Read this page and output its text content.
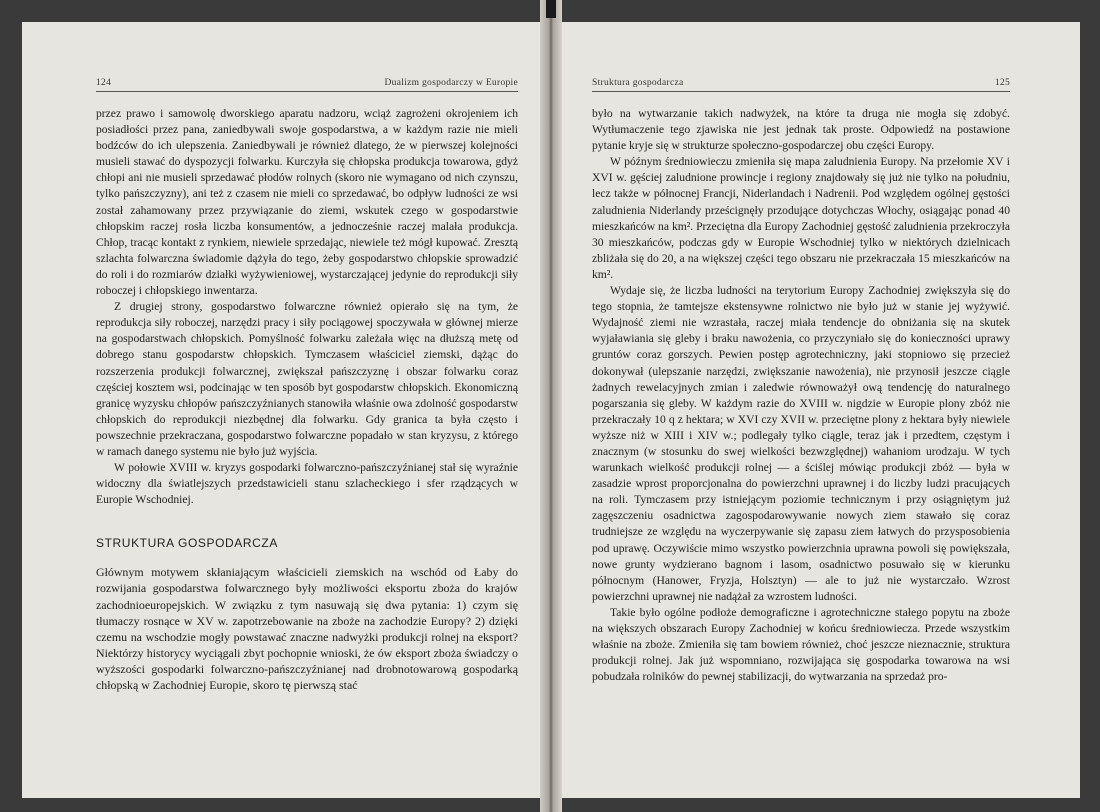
124	Dualizm gospodarczy w Europie

przez prawo i samowolę dworskiego aparatu nadzoru, wciąż zagrożeni okrojeniem ich posiadłości przez pana, zaniedbywali swoje gospodarstwa, a w każdym razie nie mieli bodźców do ich ulepszenia. Zaniedbywali je również dlatego, że w pierwszej kolejności musieli stawać do dyspozycji folwarku. Kurczyła się chłopska produkcja towarowa, gdyż chłopi ani nie musieli sprzedawać płodów rolnych (skoro nie wymagano od nich czynszu, tylko pańszczyzny), ani też z czasem nie mieli co sprzedawać, bo odpływ ludności ze wsi został zahamowany przez przywiązanie do ziemi, wskutek czego w gospodarstwie chłopskim raczej rosła liczba konsumentów, a jednocześnie raczej malała produkcja. Chłop, tracąc kontakt z rynkiem, niewiele sprzedając, niewiele też mógł kupować. Zresztą szlachta folwarczna świadomie dążyła do tego, żeby gospodarstwo chłopskie sprowadzić do roli i do rozmiarów działki wyżywieniowej, wystarczającej jedynie do reprodukcji siły roboczej i chłopskiego inwentarza.

Z drugiej strony, gospodarstwo folwarczne również opierało się na tym, że reprodukcja siły roboczej, narzędzi pracy i siły pociągowej spoczywała w głównej mierze na gospodarstwach chłopskich. Pomyślność folwarku zależała więc na dłuższą metę od dobrego stanu gospodarstw chłopskich. Tymczasem właściciel ziemski, dążąc do rozszerzenia produkcji folwarcznej, zwiększał pańszczyznę i obszar folwarku coraz częściej kosztem wsi, podcinając w ten sposób byt gospodarstw chłopskich. Ekonomiczną granicę wyzysku chłopów pańszczyźnianych stanowiła właśnie owa zdolność gospodarstw chłopskich do reprodukcji niezbędnej dla folwarku. Gdy granica ta była często i powszechnie przekraczana, gospodarstwo folwarczne popadało w stan kryzysu, z którego w ramach danego systemu nie było już wyjścia.

W połowie XVIII w. kryzys gospodarki folwarczno-pańszczyźnianej stał się wyraźnie widoczny dla światlejszych przedstawicieli stanu szlacheckiego i sfer rządzących w Europie Wschodniej.

STRUKTURA GOSPODARCZA

Głównym motywem skłaniającym właścicieli ziemskich na wschód od Łaby do rozwijania gospodarstwa folwarcznego były możliwości eksportu zboża do krajów zachodnioeuropejskich. W związku z tym nasuwają się dwa pytania: 1) czym się tłumaczy rosnące w XV w. zapotrzebowanie na zboże na zachodzie Europy? 2) dzięki czemu na wschodzie mogły powstawać znaczne nadwyżki produkcji rolnej na eksport? Niektórzy historycy wyciągali zbyt pochopnie wnioski, że ów eksport zboża świadczy o wyższości gospodarki folwarczno-pańszczyźnianej nad drobnotowarową gospodarką chłopską w Zachodniej Europie, skoro tę pierwszą stać

Struktura gospodarcza	125

było na wytwarzanie takich nadwyżek, na które ta druga nie mogła się zdobyć. Wytłumaczenie tego zjawiska nie jest jednak tak proste. Odpowiedź na postawione pytanie kryje się w strukturze społeczno-gospodarczej obu części Europy.

W późnym średniowieczu zmieniła się mapa zaludnienia Europy. Na przełomie XV i XVI w. gęściej zaludnione prowincje i regiony znajdowały się już nie tylko na południu, lecz także w północnej Francji, Niderlandach i Nadrenii. Pod względem ogólnej gęstości zaludnienia Niderlandy prześcignęły przodujące dotychczas Włochy, osiągając ponad 40 mieszkańców na km². Przeciętna dla Europy Zachodniej gęstość zaludnienia przekroczyła 30 mieszkańców, podczas gdy w Europie Wschodniej tylko w niektórych dzielnicach zbliżała się do 20, a na większej części tego obszaru nie przekraczała 15 mieszkańców na km².

Wydaje się, że liczba ludności na terytorium Europy Zachodniej zwiększyła się do tego stopnia, że tamtejsze ekstensywne rolnictwo nie było już w stanie jej wyżywić. Wydajność ziemi nie wzrastała, raczej miała tendencje do obniżania się na skutek wyjaławiania się gleby i braku nawożenia, co przyczyniało się do konieczności uprawy gruntów coraz gorszych. Pewien postęp agrotechniczny, jaki stopniowo się przecież dokonywał (ulepszanie narzędzi, zwiększanie nawożenia), nie przynosił jeszcze ciągle żadnych rewelacyjnych zmian i zaledwie równoważył ową tendencję do naturalnego pogarszania się gleby. W każdym razie do XVIII w. nigdzie w Europie plony zbóż nie przekraczały 10 q z hektara; w XVI czy XVII w. przeciętne plony z hektara były niewiele wyższe niż w XIII i XIV w.; podlegały tylko ciągle, teraz jak i przedtem, częstym i znacznym (w stosunku do swej wielkości bezwzględnej) wahaniom urodzaju. W tych warunkach wielkość produkcji rolnej — a ściślej mówiąc produkcji zbóż — była w zasadzie wprost proporcjonalna do powierzchni uprawnej i do liczby ludzi pracujących na roli. Tymczasem przy istniejącym poziomie technicznym i przy osiągniętym już zagęszczeniu osadnictwa zagospodarowywanie nowych ziem stawało się coraz trudniejsze ze względu na wyczerpywanie się zapasu ziem łatwych do przysposobienia pod uprawę. Oczywiście mimo wszystko powierzchnia uprawna powoli się powiększała, nowe grunty wydzierano bagnom i lasom, osadnictwo posuwało się w kierunku północnym (Hanower, Fryzja, Holsztyn) — ale to już nie wystarczało. Wzrost powierzchni uprawnej nie nadążał za wzrostem ludności.

Takie było ogólne podłoże demograficzne i agrotechniczne stałego popytu na zboże na większych obszarach Europy Zachodniej w końcu średniowiecza. Przede wszystkim właśnie na zboże. Zmieniła się tam bowiem również, choć jeszcze nieznacznie, struktura produkcji rolnej. Jak już wspomniano, rozwijająca się gospodarka towarowa na wsi pobudzała rolników do pewnej stabilizacji, do wytwarzania na sprzedaż pro-
